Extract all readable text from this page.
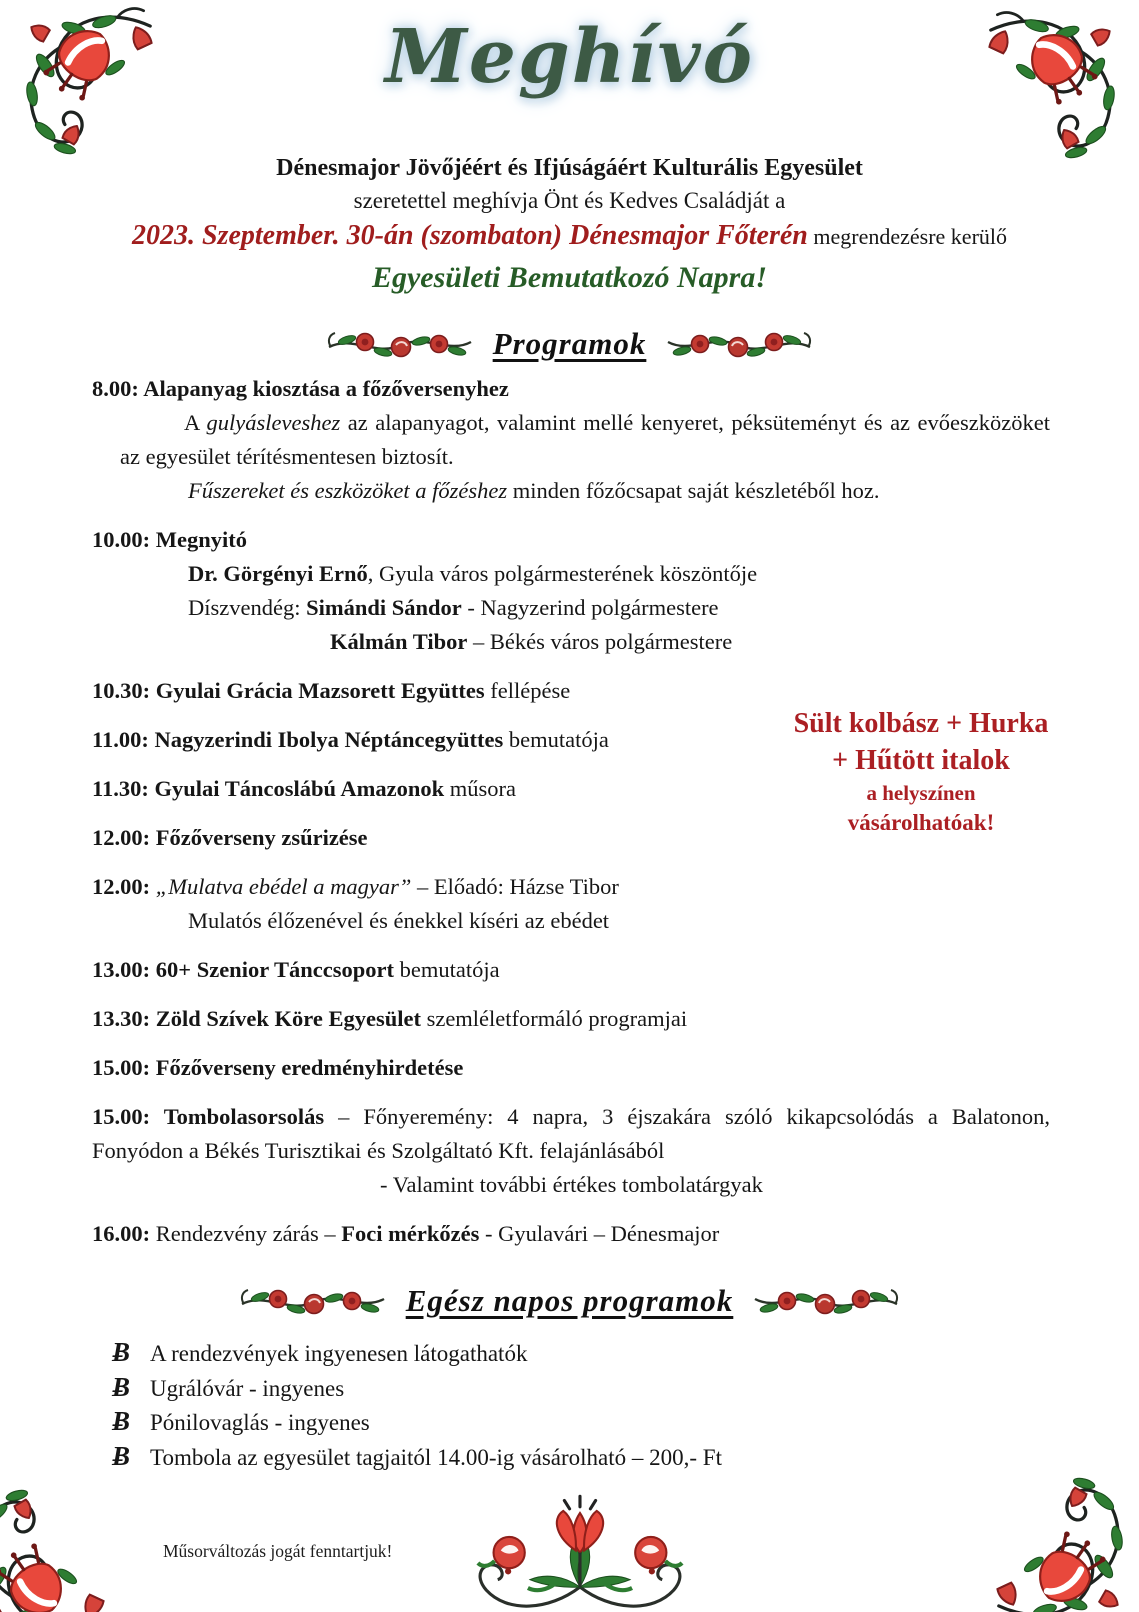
Meghívó
Dénesmajor Jövőjéért és Ifjúságáért Kulturális Egyesület
szeretettel meghívja Önt és Kedves Családját a
2023. Szeptember. 30-án (szombaton) Dénesmajor Főterén megrendezésre kerülő
Egyesületi Bemutatkozó Napra!
Programok
8.00: Alapanyag kiosztása a főzőversenyhez
A gulyásleveshez az alapanyagot, valamint mellé kenyeret, péksüteményt és az evőeszközöket az egyesület térítésmentesen biztosít.
Fűszereket és eszközöket a főzéshez minden főzőcsapat saját készletéből hoz.
10.00: Megnyitó
Dr. Görgényi Ernő, Gyula város polgármesterének köszöntője
Díszvendég: Simándi Sándor - Nagyzerind polgármestere
Kálmán Tibor – Békés város polgármestere
10.30: Gyulai Grácia Mazsorett Együttes fellépése
11.00: Nagyzerindi Ibolya Néptáncegyüttes bemutatója
11.30: Gyulai Táncoslábú Amazonok műsora
12.00: Főzőverseny zsűrizése
12.00: „Mulatva ebédel a magyar” – Előadó: Házse Tibor
Mulatós élőzenével és énekkel kíséri az ebédet
13.00: 60+ Szenior Tánccsoport bemutatója
13.30: Zöld Szívek Köre Egyesület szemléletformáló programjai
15.00: Főzőverseny eredményhirdetése
15.00: Tombolasorsolás – Főnyeremény: 4 napra, 3 éjszakára szóló kikapcsolódás a Balatonon, Fonyódon a Békés Turisztikai és Szolgáltató Kft. felajánlásából
- Valamint további értékes tombolatárgyak
16.00: Rendezvény zárás – Foci mérkőzés - Gyulavári – Dénesmajor
Sült kolbász + Hurka
+ Hűtött italok
a helyszínen
vásárolhatóak!
Egész napos programok
Ƀ A rendezvények ingyenesen látogathatók
Ƀ Ugrálóvár - ingyenes
Ƀ Pónilovaglás - ingyenes
Ƀ Tombola az egyesület tagjaitól 14.00-ig vásárolható – 200,- Ft
Műsorváltozás jogát fenntartjuk!
